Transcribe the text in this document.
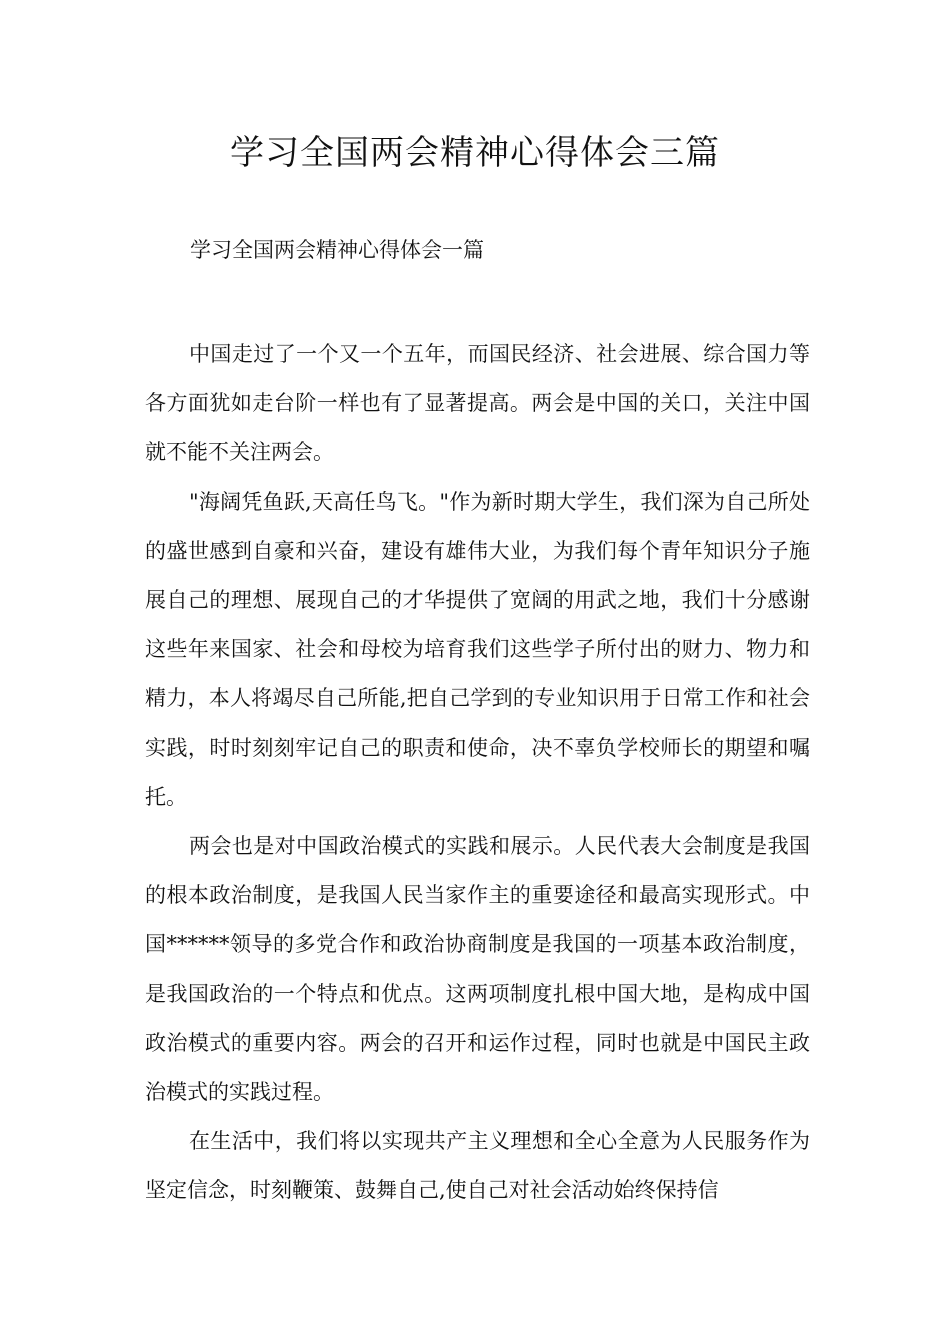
学习全国两会精神心得体会三篇

学习全国两会精神心得体会一篇

中国走过了一个又一个五年，而国民经济、社会进展、综合国力等各方面犹如走台阶一样也有了显著提高。两会是中国的关口，关注中国就不能不关注两会。

"海阔凭鱼跃,天高任鸟飞。"作为新时期大学生，我们深为自己所处的盛世感到自豪和兴奋，建设有雄伟大业，为我们每个青年知识分子施展自己的理想、展现自己的才华提供了宽阔的用武之地，我们十分感谢这些年来国家、社会和母校为培育我们这些学子所付出的财力、物力和精力，本人将竭尽自己所能,把自己学到的专业知识用于日常工作和社会实践，时时刻刻牢记自己的职责和使命，决不辜负学校师长的期望和嘱托。

两会也是对中国政治模式的实践和展示。人民代表大会制度是我国的根本政治制度，是我国人民当家作主的重要途径和最高实现形式。中国******领导的多党合作和政治协商制度是我国的一项基本政治制度，是我国政治的一个特点和优点。这两项制度扎根中国大地，是构成中国政治模式的重要内容。两会的召开和运作过程，同时也就是中国民主政治模式的实践过程。

在生活中，我们将以实现共产主义理想和全心全意为人民服务作为坚定信念，时刻鞭策、鼓舞自己,使自己对社会活动始终保持信
